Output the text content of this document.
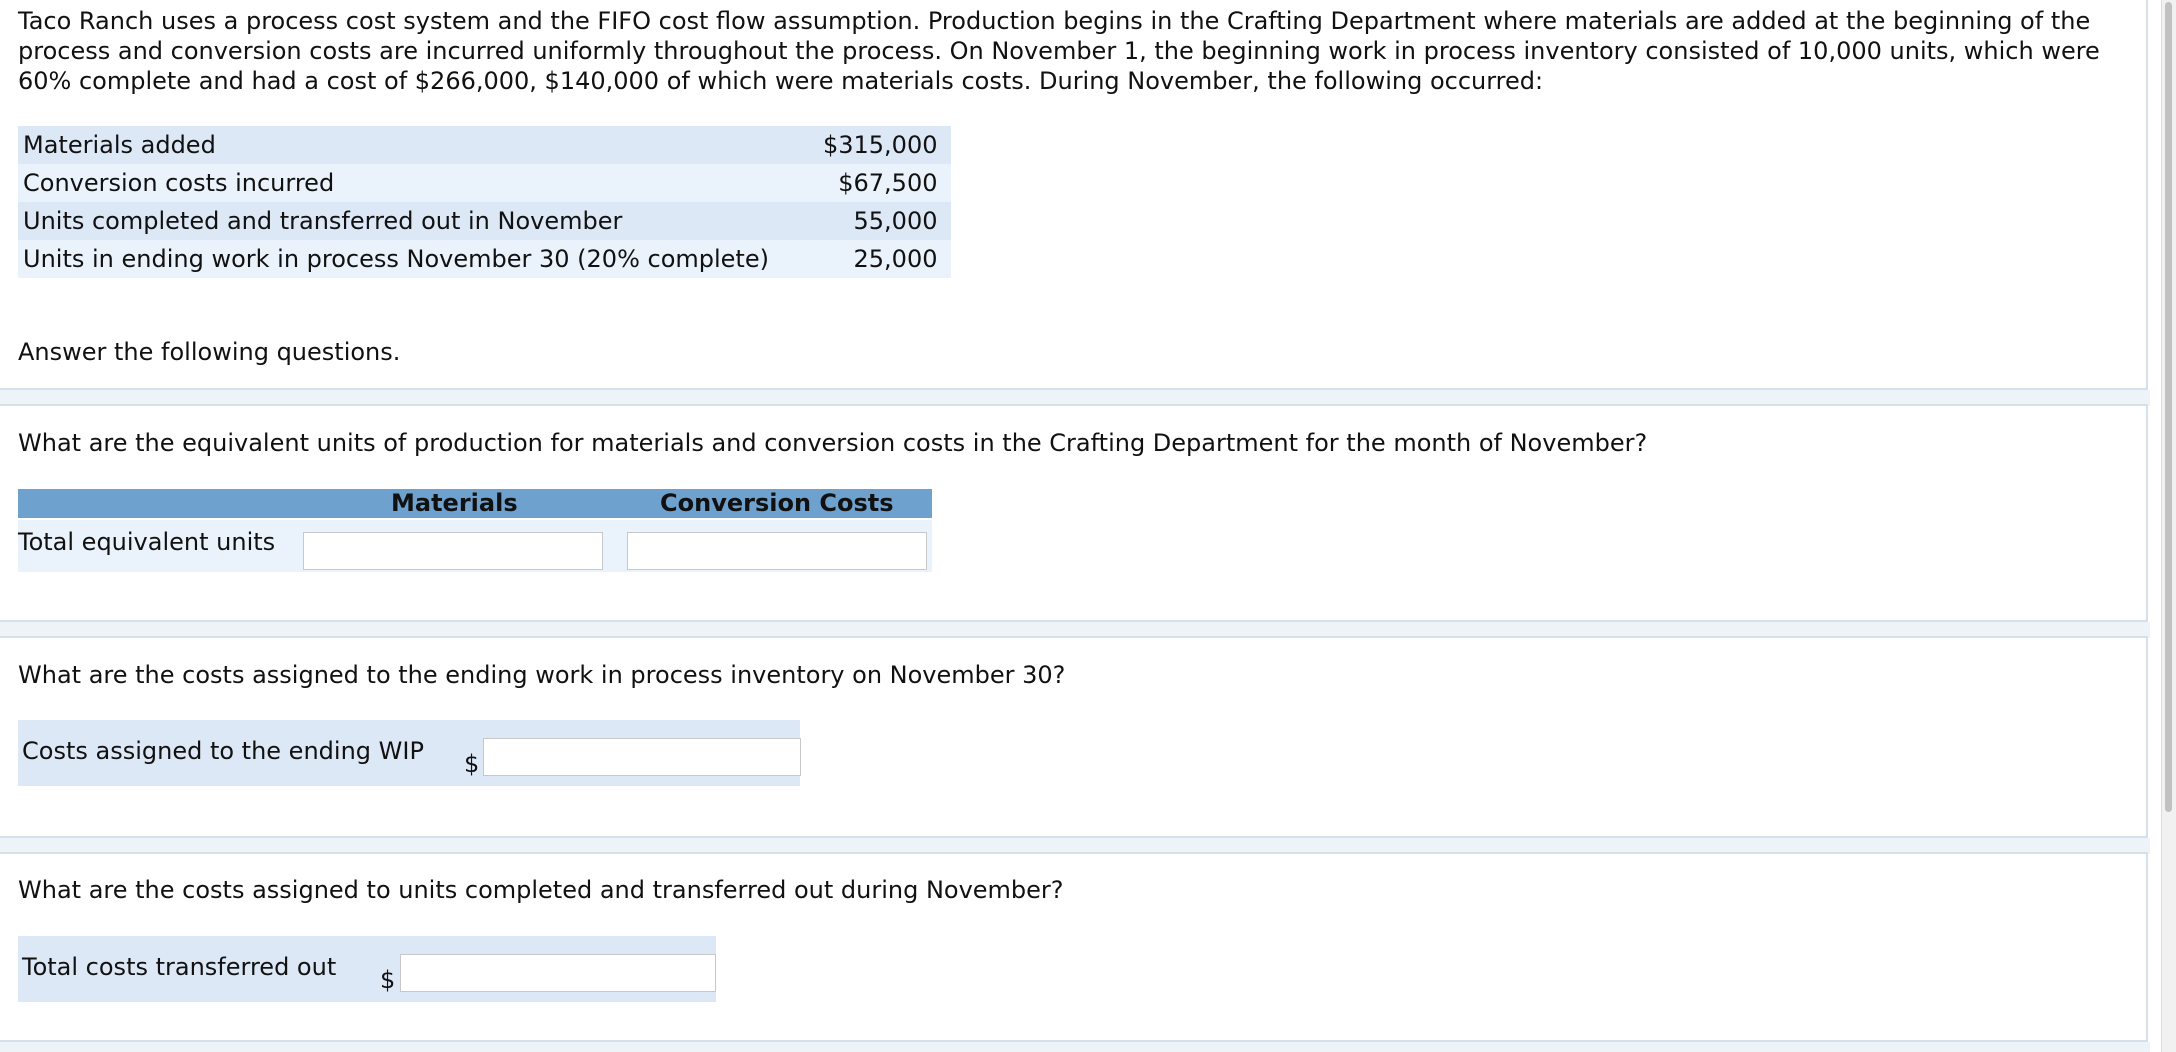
Taco Ranch uses a process cost system and the FIFO cost flow assumption. Production begins in the Crafting Department where materials are added at the beginning of the process and conversion costs are incurred uniformly throughout the process. On November 1, the beginning work in process inventory consisted of 10,000 units, which were 60% complete and had a cost of $266,000, $140,000 of which were materials costs. During November, the following occurred:

Materials added	$315,000
Conversion costs incurred	$67,500
Units completed and transferred out in November	55,000
Units in ending work in process November 30 (20% complete)	25,000
Answer the following questions.
What are the equivalent units of production for materials and conversion costs in the Crafting Department for the month of November?
Materials	Conversion Costs
Total equivalent units
What are the costs assigned to the ending work in process inventory on November 30?
Costs assigned to the ending WIP $
What are the costs assigned to units completed and transferred out during November?
Total costs transferred out $
